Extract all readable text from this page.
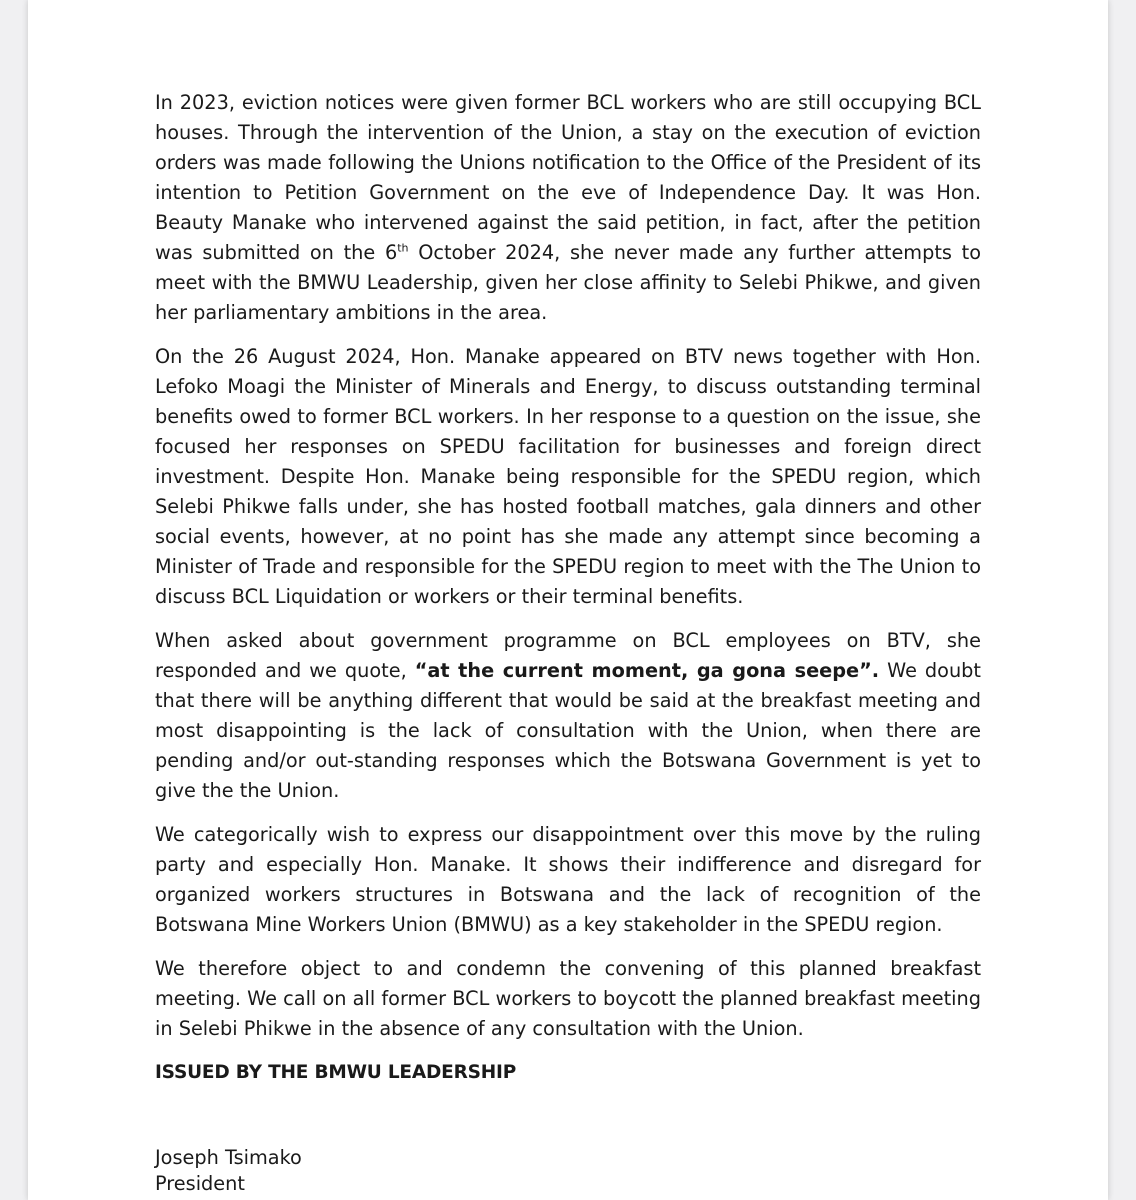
In 2023, eviction notices were given former BCL workers who are still occupying BCL houses. Through the intervention of the Union, a stay on the execution of eviction orders was made following the Unions notification to the Office of the President of its intention to Petition Government on the eve of Independence Day. It was Hon. Beauty Manake who intervened against the said petition, in fact, after the petition was submitted on the 6th October 2024, she never made any further attempts to meet with the BMWU Leadership, given her close affinity to Selebi Phikwe, and given her parliamentary ambitions in the area.

On the 26 August 2024, Hon. Manake appeared on BTV news together with Hon. Lefoko Moagi the Minister of Minerals and Energy, to discuss outstanding terminal benefits owed to former BCL workers. In her response to a question on the issue, she focused her responses on SPEDU facilitation for businesses and foreign direct investment. Despite Hon. Manake being responsible for the SPEDU region, which Selebi Phikwe falls under, she has hosted football matches, gala dinners and other social events, however, at no point has she made any attempt since becoming a Minister of Trade and responsible for the SPEDU region to meet with the The Union to discuss BCL Liquidation or workers or their terminal benefits.

When asked about government programme on BCL employees on BTV, she responded and we quote, “at the current moment, ga gona seepe”. We doubt that there will be anything different that would be said at the breakfast meeting and most disappointing is the lack of consultation with the Union, when there are pending and/or out-standing responses which the Botswana Government is yet to give the the Union.

We categorically wish to express our disappointment over this move by the ruling party and especially Hon. Manake. It shows their indifference and disregard for organized workers structures in Botswana and the lack of recognition of the Botswana Mine Workers Union (BMWU) as a key stakeholder in the SPEDU region.

We therefore object to and condemn the convening of this planned breakfast meeting. We call on all former BCL workers to boycott the planned breakfast meeting in Selebi Phikwe in the absence of any consultation with the Union.

ISSUED BY THE BMWU LEADERSHIP

Joseph Tsimako
President
